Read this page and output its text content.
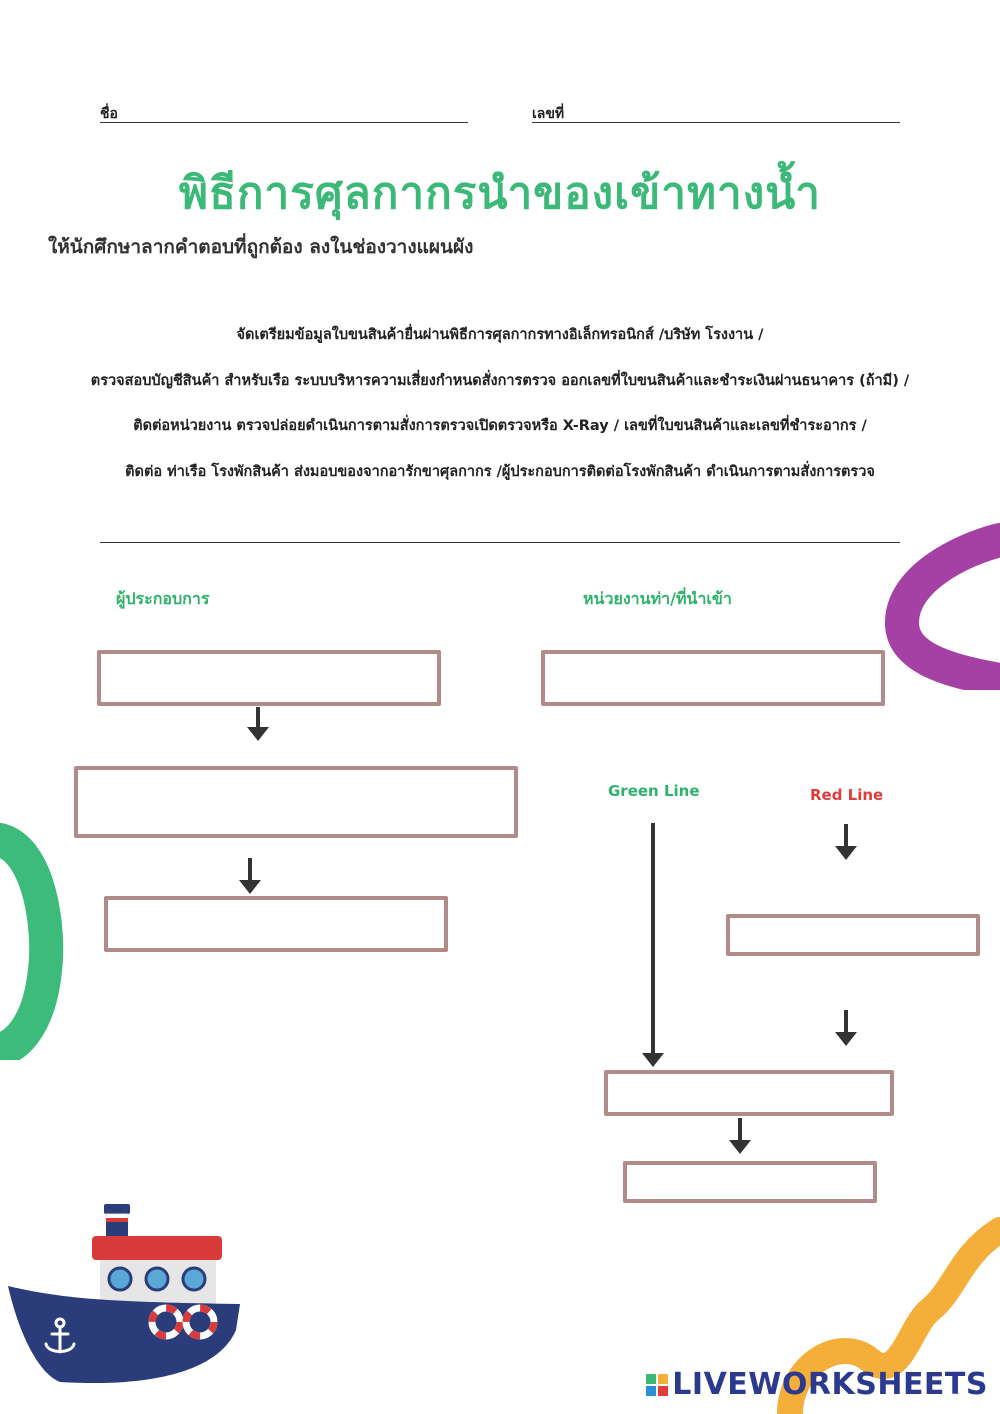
ชื่อ	เลขที่
พิธีการศุลกากรนำของเข้าทางน้ำ
ให้นักศึกษาลากคำตอบที่ถูกต้อง ลงในช่องวางแผนผัง
จัดเตรียมข้อมูลใบขนสินค้ายื่นผ่านพิธีการศุลกากรทางอิเล็กทรอนิกส์ /บริษัท โรงงาน /
ตรวจสอบบัญชีสินค้า สำหรับเรือ ระบบบริหารความเสี่ยงกำหนดสั่งการตรวจ ออกเลขที่ใบขนสินค้าและชำระเงินผ่านธนาคาร (ถ้ามี) /
ติดต่อหน่วยงาน ตรวจปล่อยดำเนินการตามสั่งการตรวจเปิดตรวจหรือ X-Ray / เลขที่ใบขนสินค้าและเลขที่ชำระอากร /
ติดต่อ ท่าเรือ โรงพักสินค้า ส่งมอบของจากอารักขาศุลกากร /ผู้ประกอบการติดต่อโรงพักสินค้า ดำเนินการตามสั่งการตรวจ
ผู้ประกอบการ	หน่วยงานท่า/ที่นำเข้า
Green Line	Red Line
LIVEWORKSHEETS
